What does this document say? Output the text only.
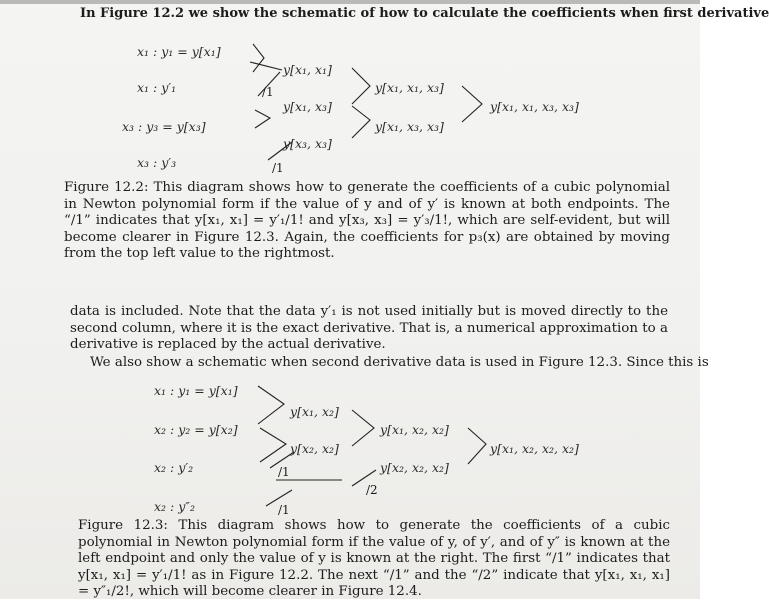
In Figure 12.2 we show the schematic of how to calculate the coefficients when first derivative
x₁ : y₁ = y[x₁]
x₁ : y′₁
x₃ : y₃ = y[x₃]
x₃ : y′₃
y[x₁, x₁]
y[x₁, x₃]
y[x₃, x₃]
y[x₁, x₁, x₃]
y[x₁, x₃, x₃]
y[x₁, x₁, x₃, x₃]
/1
/1
Figure 12.2: This diagram shows how to generate the coefficients of a cubic polynomial in Newton polynomial form if the value of y and of y′ is known at both endpoints. The “/1” indicates that y[x₁, x₁] = y′₁/1! and y[x₃, x₃] = y′₃/1!, which are self-evident, but will become clearer in Figure 12.3. Again, the coefficients for p₃(x) are obtained by moving from the top left value to the rightmost.
data is included. Note that the data y′₁ is not used initially but is moved directly to the second column, where it is the exact derivative. That is, a numerical approximation to a derivative is replaced by the actual derivative.
We also show a schematic when second derivative data is used in Figure 12.3. Since this is
x₁ : y₁ = y[x₁]
x₂ : y₂ = y[x₂]
x₂ : y′₂
x₂ : y″₂
y[x₁, x₂]
y[x₂, x₂]
y[x₁, x₂, x₂]
y[x₂, x₂, x₂]
y[x₁, x₂, x₂, x₂]
/1
/2
/1
Figure 12.3: This diagram shows how to generate the coefficients of a cubic polynomial in Newton polynomial form if the value of y, of y′, and of y″ is known at the left endpoint and only the value of y is known at the right. The first “/1” indicates that y[x₁, x₁] = y′₁/1! as in Figure 12.2. The next “/1” and the “/2” indicate that y[x₁, x₁, x₁] = y″₁/2!, which will become clearer in Figure 12.4.
